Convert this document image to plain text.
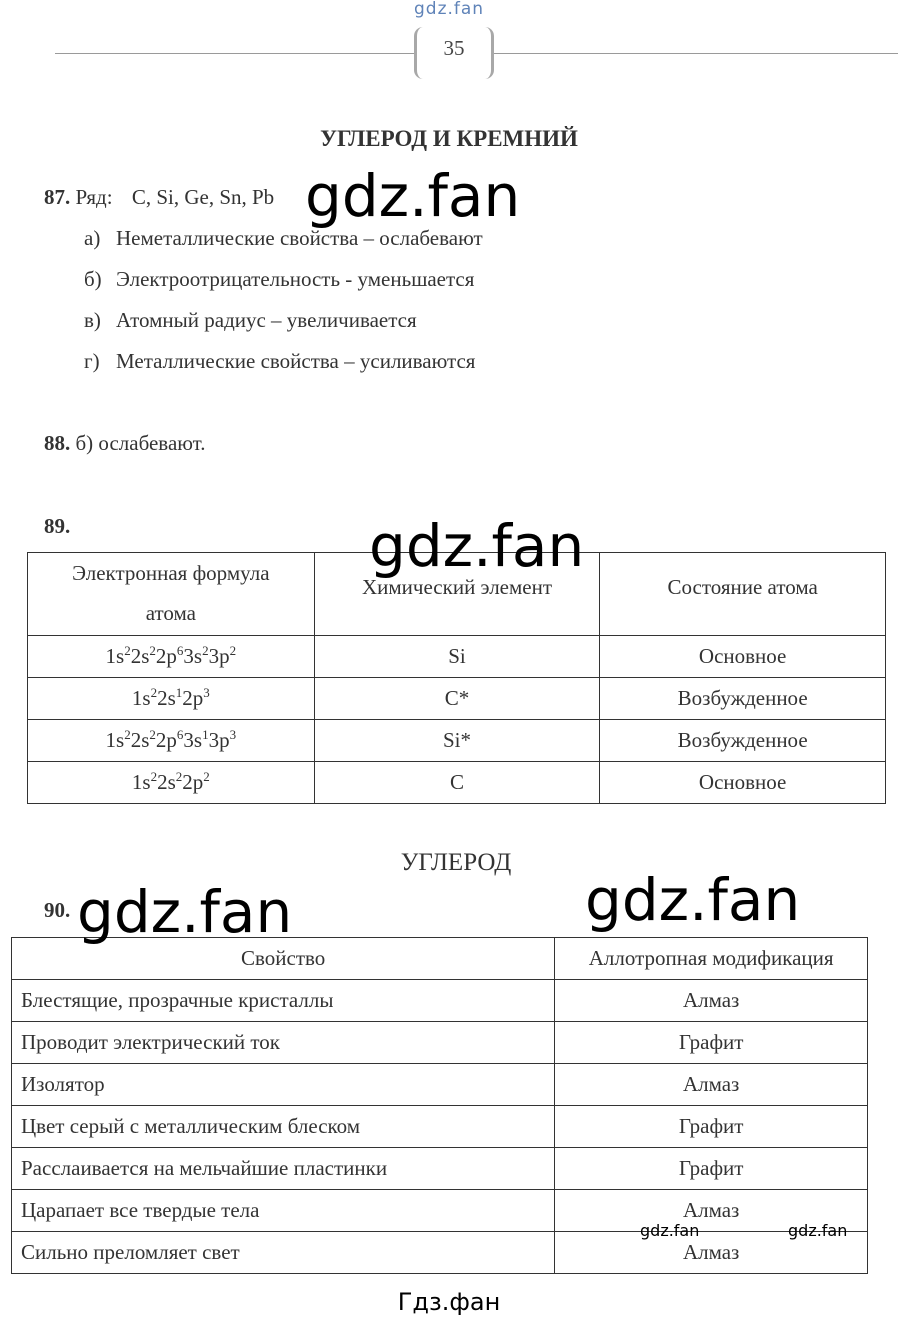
gdz.fan
35
УГЛЕРОД И КРЕМНИЙ
87. Ряд: C, Si, Ge, Sn, Pb
а) Неметаллические свойства – ослабевают
б) Электроотрицательность - уменьшается
в) Атомный радиус – увеличивается
г) Металлические свойства – усиливаются
88. б) ослабевают.
89.
Электронная формула
атома	Химический элемент	Состояние атома
$1s^22s^22p^63s^23p^2$	Si	Основное
$1s^22s^12p^3$	C*	Возбужденное
$1s^22s^22p^63s^13p^3$	Si*	Возбужденное
$1s^22s^22p^2$	C	Основное
УГЛЕРОД
90.
Свойство	Аллотропная модификация
Блестящие, прозрачные кристаллы	Алмаз
Проводит электрический ток	Графит
Изолятор	Алмаз
Цвет серый с металлическим блеском	Графит
Расслаивается на мельчайшие пластинки	Графит
Царапает все твердые тела	Алмаз
Сильно преломляет свет	Алмаз
gdz.fan
gdz.fan
gdz.fan	gdz.fan
gdz.fan	gdz.fan
Гдз.фан
